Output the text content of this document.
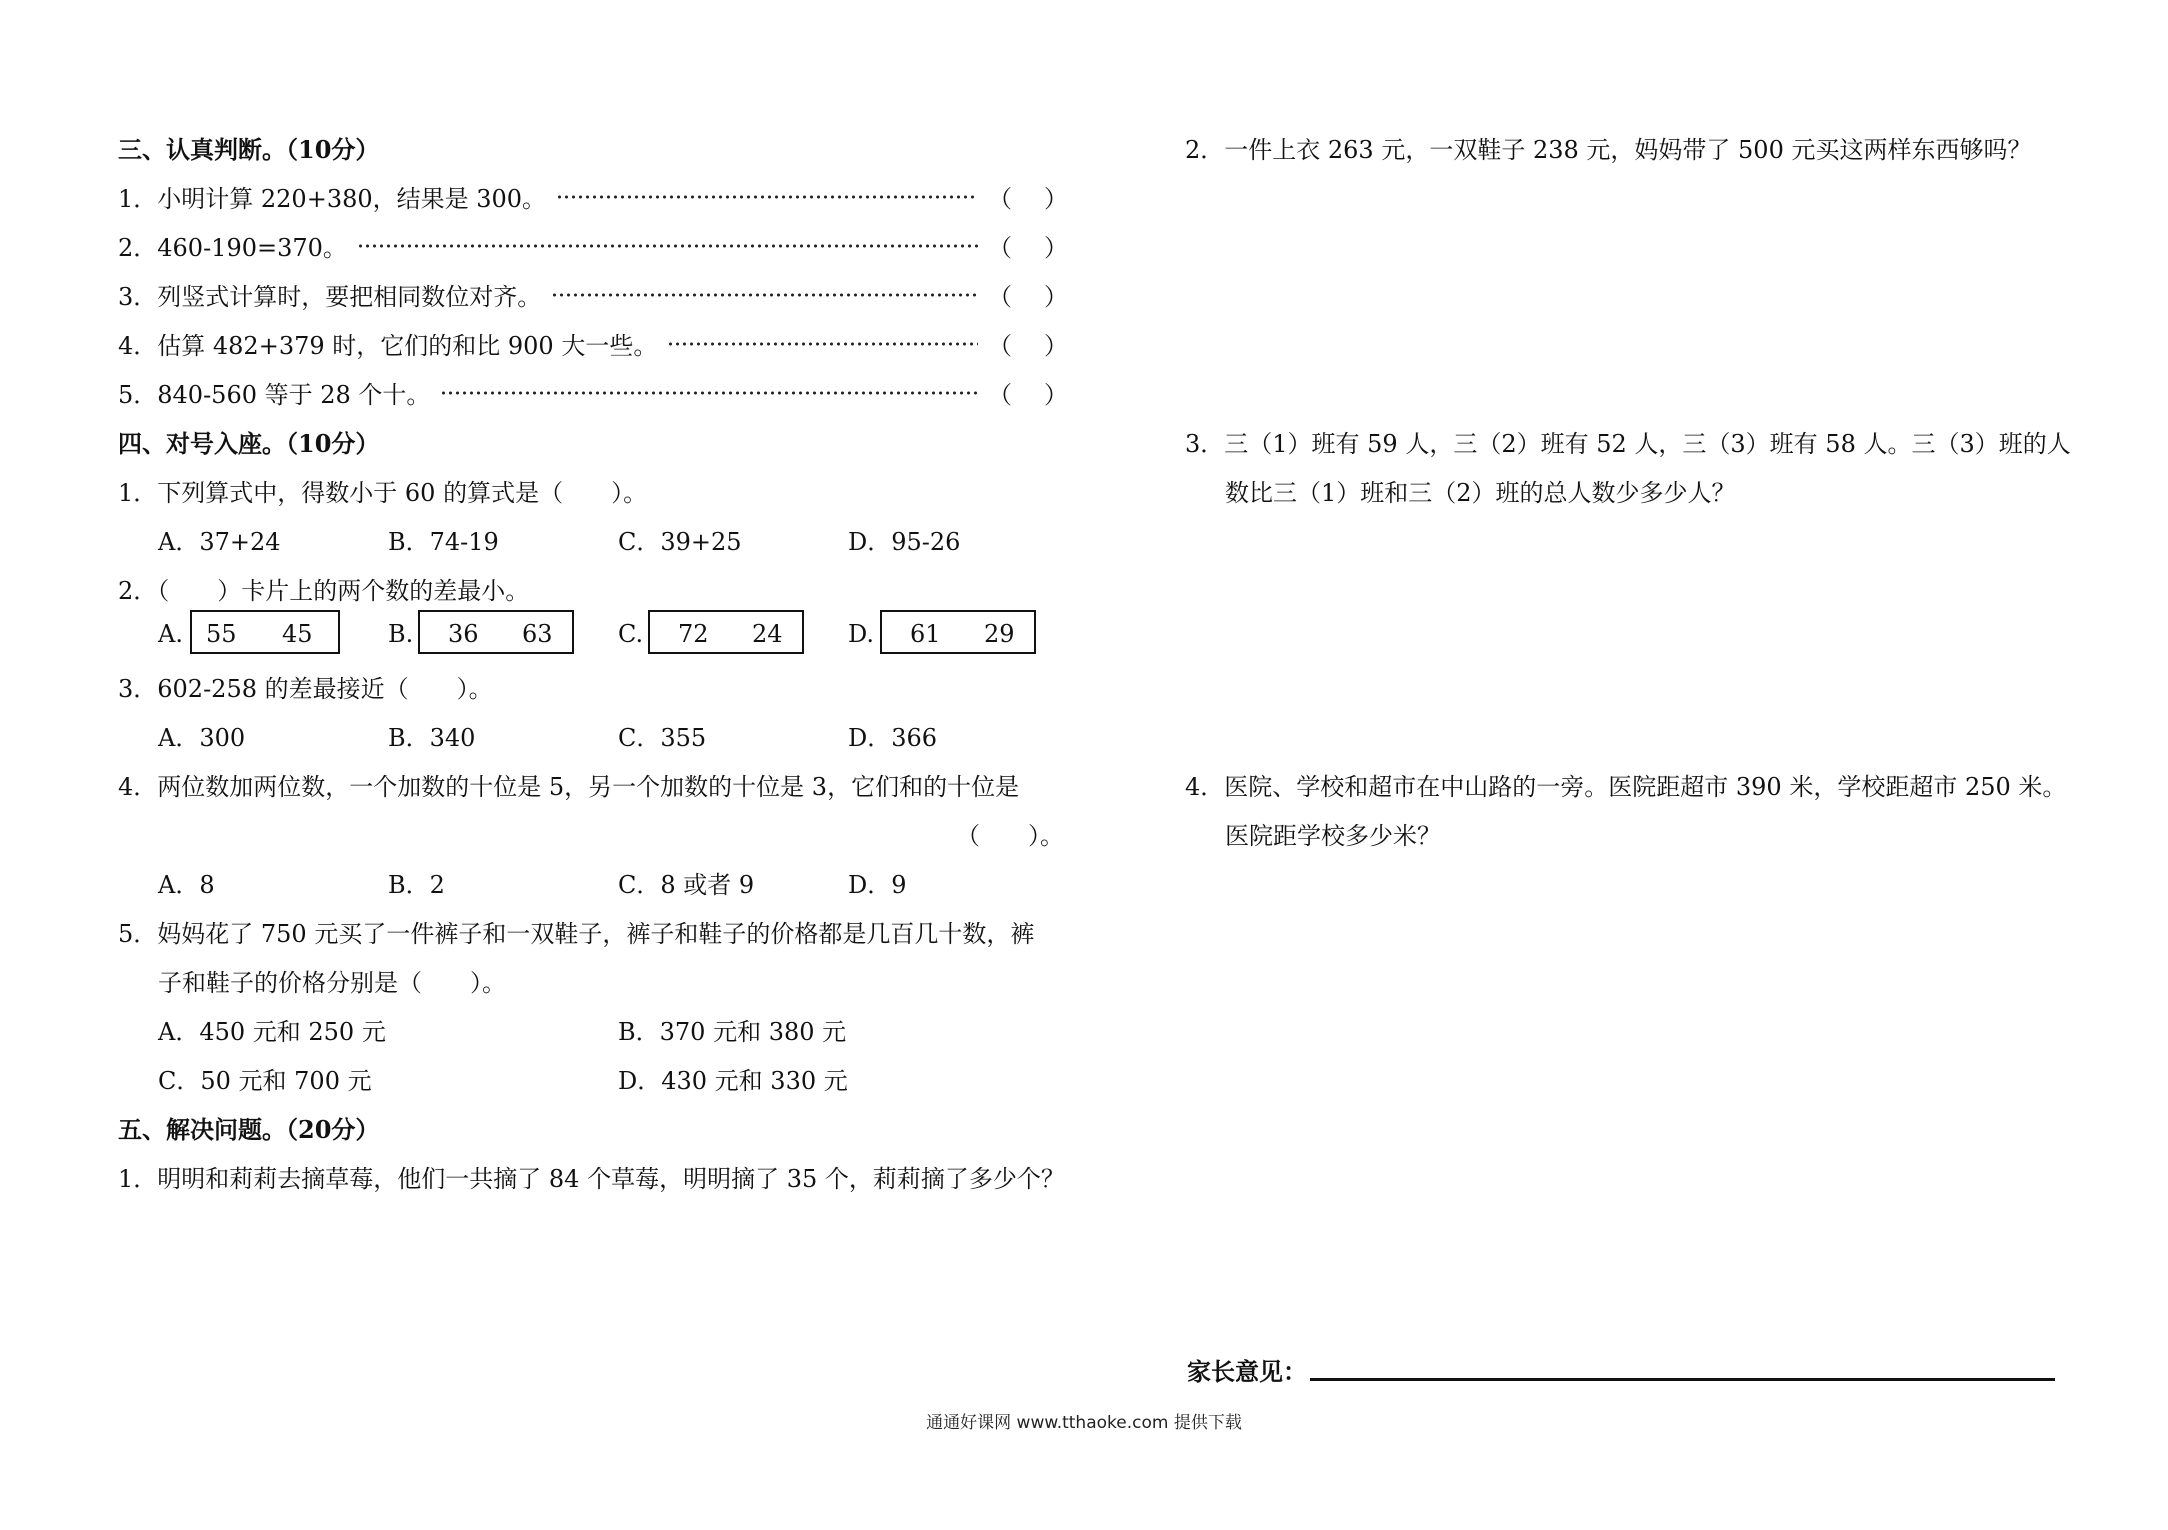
三、认真判断。（10分）
1．小明计算 220+380，结果是 300。	（ ）
2．460-190=370。	（ ）
3．列竖式计算时，要把相同数位对齐。	（ ）
4．估算 482+379 时，它们的和比 900 大一些。	（ ）
5．840-560 等于 28 个十。	（ ）
四、对号入座。（10分）
1．下列算式中，得数小于 60 的算式是（　　）。
A．37+24	B．74-19	C．39+25	D．95-26
2．（　　）卡片上的两个数的差最小。
A. 55 45	B. 36 63	C. 72 24	D. 61 29
3．602-258 的差最接近（　　）。
A．300	B．340	C．355	D．366
4．两位数加两位数，一个加数的十位是 5，另一个加数的十位是 3，它们和的十位是
（　　）。
A．8	B．2	C．8 或者 9	D．9
5．妈妈花了 750 元买了一件裤子和一双鞋子，裤子和鞋子的价格都是几百几十数，裤
子和鞋子的价格分别是（　　）。
A．450 元和 250 元	B．370 元和 380 元
C．50 元和 700 元	D．430 元和 330 元
五、解决问题。（20分）
1．明明和莉莉去摘草莓，他们一共摘了 84 个草莓，明明摘了 35 个，莉莉摘了多少个？
2．一件上衣 263 元，一双鞋子 238 元，妈妈带了 500 元买这两样东西够吗？
3．三（1）班有 59 人，三（2）班有 52 人，三（3）班有 58 人。三（3）班的人
数比三（1）班和三（2）班的总人数少多少人？
4．医院、学校和超市在中山路的一旁。医院距超市 390 米，学校距超市 250 米。
医院距学校多少米？
家长意见：
通通好课网 www.tthaoke.com 提供下载
